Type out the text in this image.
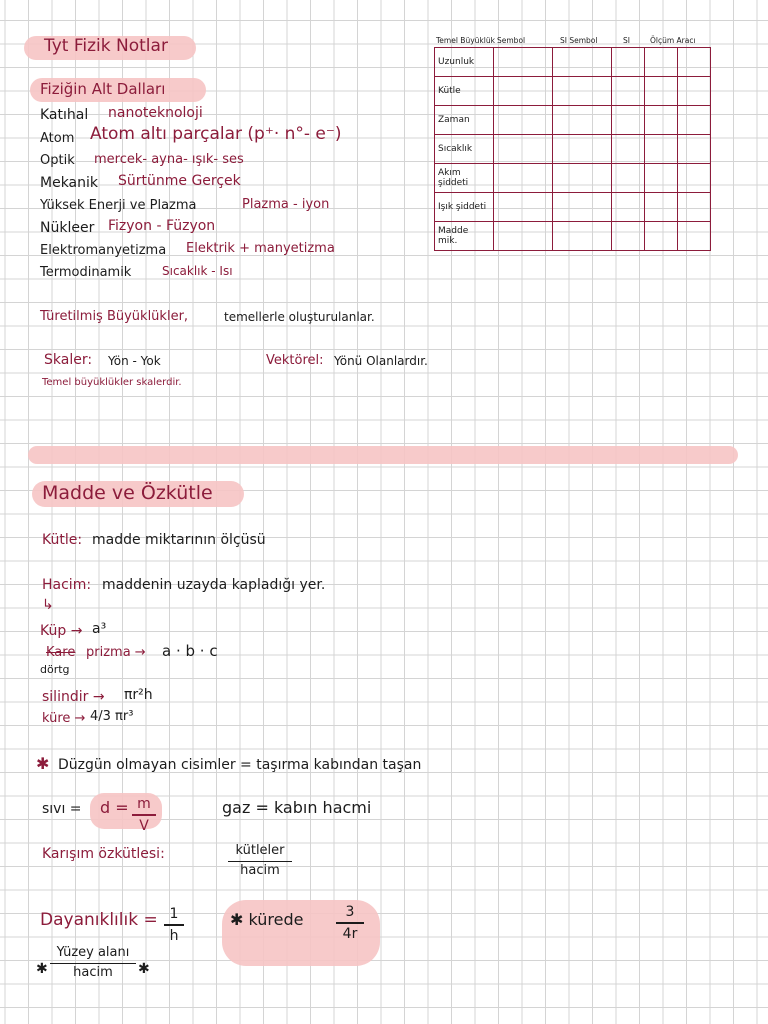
Tyt Fizik Notlar
Fiziğin Alt Dalları
Katıhal nanoteknoloji
Atom Atom altı parçalar (p⁺· n°- e⁻)
Optik mercek- ayna- ışık- ses
Mekanik Sürtünme Gerçek
Yüksek Enerji ve Plazma	Plazma - iyon
Nükleer Fizyon - Füzyon
Elektromanyetizma Elektrik + manyetizma
Termodinamik	Sıcaklık - Isı
Türetilmiş Büyüklükler,	temellerle oluşturulanlar.
Skaler: Yön - Yok	Vektörel: Yönü Olanlardır.
Temel büyüklükler skalerdir.
Temel Büyüklük Sembol	SI Sembol	SI	Ölçüm Aracı
Uzunluk					
Kütle					
Zaman					
Sıcaklık					
Akım şiddeti					
Işık şiddeti					
Madde mik.					
Madde ve Özkütle
Kütle: madde miktarının ölçüsü
Hacim: maddenin uzayda kapladığı yer.
↳
Küp → a³
Kare prizma → a · b · c
dörtg
silindir → πr²h
küre → 4/3 πr³
✱ Düzgün olmayan cisimler = taşırma kabından taşan
sıvı = d = m
V
gaz = kabın hacmi
Karışım özkütlesi:	kütleler
hacim
Dayanıklılık = 1
h
✱
Yüzey alanı
hacim	✱
✱ kürede	3
4r
